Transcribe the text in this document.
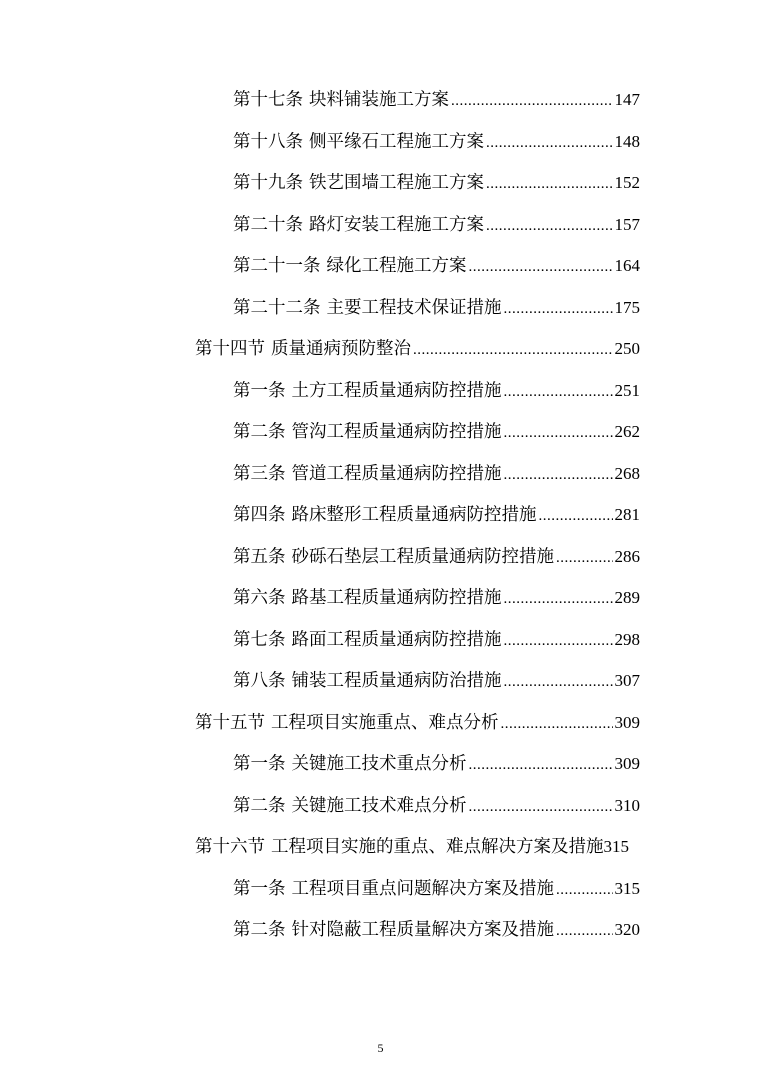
第十七条 块料铺装施工方案 .....	147
第十八条 侧平缘石工程施工方案 .....	148
第十九条 铁艺围墙工程施工方案 .....	152
第二十条 路灯安装工程施工方案 .....	157
第二十一条 绿化工程施工方案 .....	164
第二十二条 主要工程技术保证措施 .....	175
第十四节 质量通病预防整治 .....	250
第一条 土方工程质量通病防控措施 .....	251
第二条 管沟工程质量通病防控措施 .....	262
第三条 管道工程质量通病防控措施 .....	268
第四条 路床整形工程质量通病防控措施 .....	281
第五条 砂砾石垫层工程质量通病防控措施 .....	286
第六条 路基工程质量通病防控措施 .....	289
第七条 路面工程质量通病防控措施 .....	298
第八条 铺装工程质量通病防治措施 .....	307
第十五节 工程项目实施重点、难点分析 .....	309
第一条 关键施工技术重点分析 .....	309
第二条 关键施工技术难点分析 .....	310
第十六节 工程项目实施的重点、难点解决方案及措施 315
第一条 工程项目重点问题解决方案及措施 .....	315
第二条 针对隐蔽工程质量解决方案及措施 .....	320
5
